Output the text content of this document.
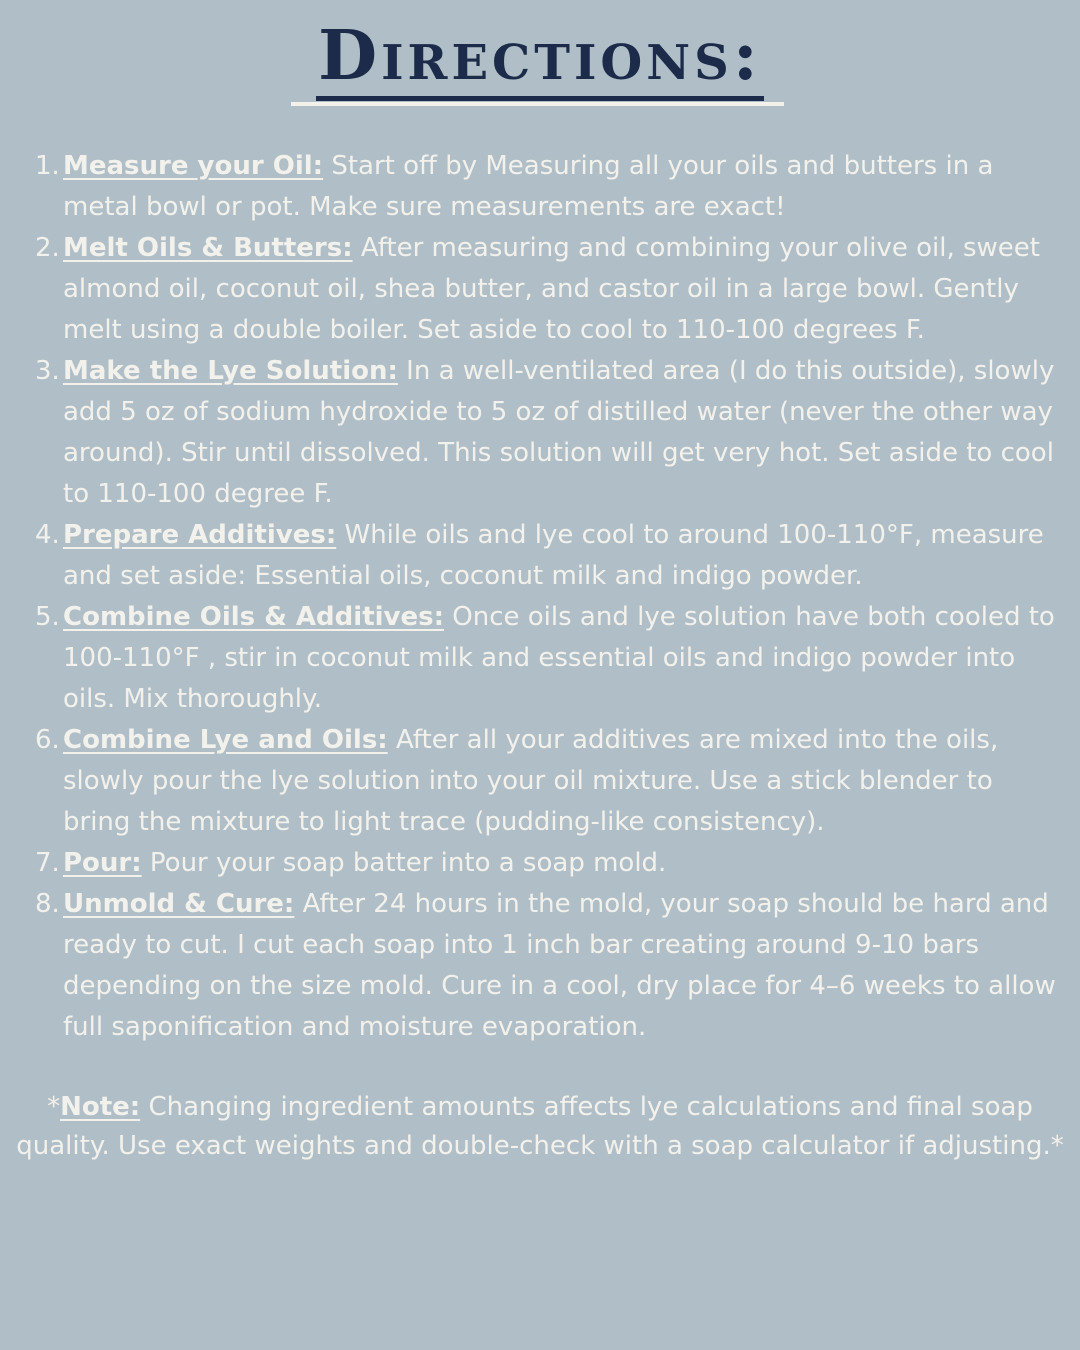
Directions:
1. Measure your Oil: Start off by Measuring all your oils and butters in a metal bowl or pot. Make sure measurements are exact!
2. Melt Oils & Butters: After measuring and combining your olive oil, sweet almond oil, coconut oil, shea butter, and castor oil in a large bowl. Gently melt using a double boiler. Set aside to cool to 110-100 degrees F.
3. Make the Lye Solution: In a well-ventilated area (I do this outside), slowly add 5 oz of sodium hydroxide to 5 oz of distilled water (never the other way around). Stir until dissolved. This solution will get very hot. Set aside to cool to 110-100 degree F.
4. Prepare Additives: While oils and lye cool to around 100-110°F, measure and set aside: Essential oils, coconut milk and indigo powder.
5. Combine Oils & Additives: Once oils and lye solution have both cooled to 100-110°F , stir in coconut milk and essential oils and indigo powder into oils. Mix thoroughly.
6. Combine Lye and Oils: After all your additives are mixed into the oils, slowly pour the lye solution into your oil mixture. Use a stick blender to bring the mixture to light trace (pudding-like consistency).
7. Pour: Pour your soap batter into a soap mold.
8. Unmold & Cure: After 24 hours in the mold, your soap should be hard and ready to cut. I cut each soap into 1 inch bar creating around 9-10 bars depending on the size mold. Cure in a cool, dry place for 4–6 weeks to allow full saponification and moisture evaporation.
*Note: Changing ingredient amounts affects lye calculations and final soap quality. Use exact weights and double-check with a soap calculator if adjusting.*
